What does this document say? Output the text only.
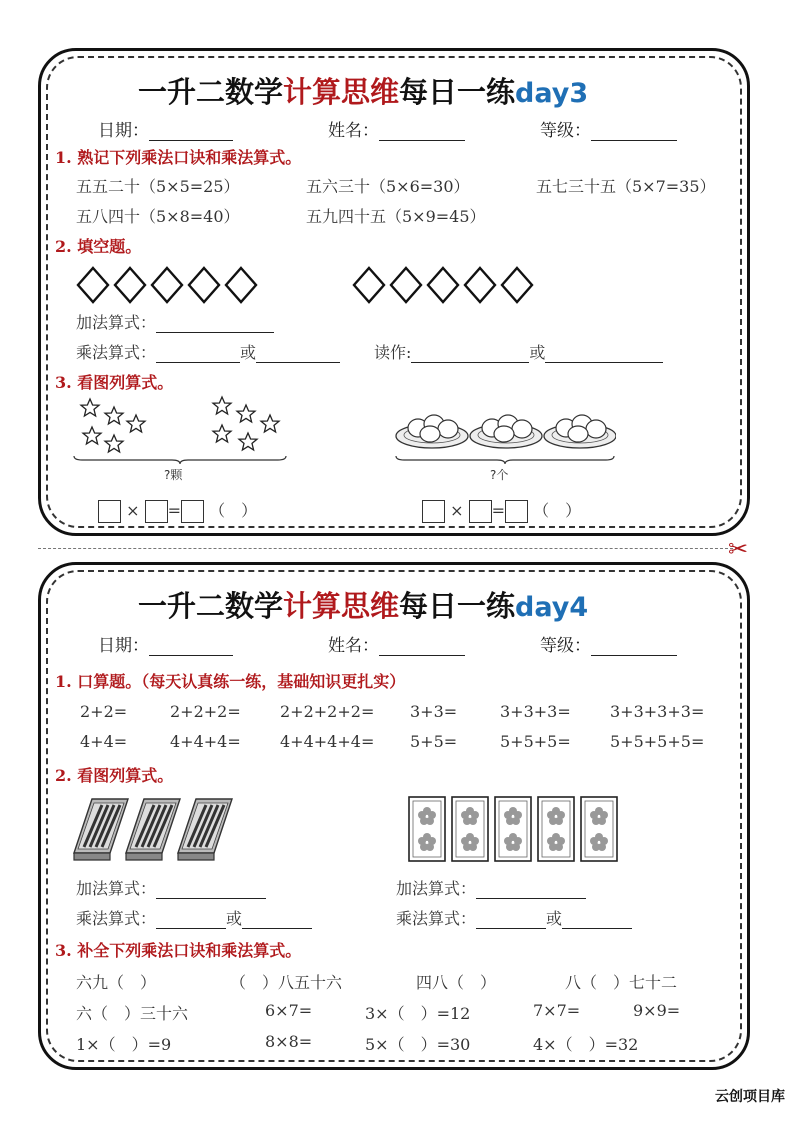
一升二数学计算思维每日一练day3
日期：	姓名：	等级：
1. 熟记下列乘法口诀和乘法算式。
五五二十（5×5=25）	五六三十（5×6=30）	五七三十五（5×7=35）
五八四十（5×8=40）	五九四十五（5×9=45）
2. 填空题。
加法算式：
乘法算式：	或	读作:	或
3. 看图列算式。
?颗	?个
× = （　）	× = （　）
✂
一升二数学计算思维每日一练day4
日期：	姓名：	等级：
1. 口算题。（每天认真练一练，基础知识更扎实）
2+2=	2+2+2= 2+2+2+2= 3+3=	3+3+3= 3+3+3+3=
4+4=	4+4+4= 4+4+4+4= 5+5=	5+5+5= 5+5+5+5=
2. 看图列算式。
加法算式：	加法算式：
乘法算式：	或	乘法算式：	或
3. 补全下列乘法口诀和乘法算式。
六九（　）	（　）八五十六	四八（　）	八（　）七十二
六（　）三十六	6×7=	3×（　）=12	7×7=	9×9=
1×（　）=9	8×8=	5×（　）=30	4×（　）=32
云创项目库
